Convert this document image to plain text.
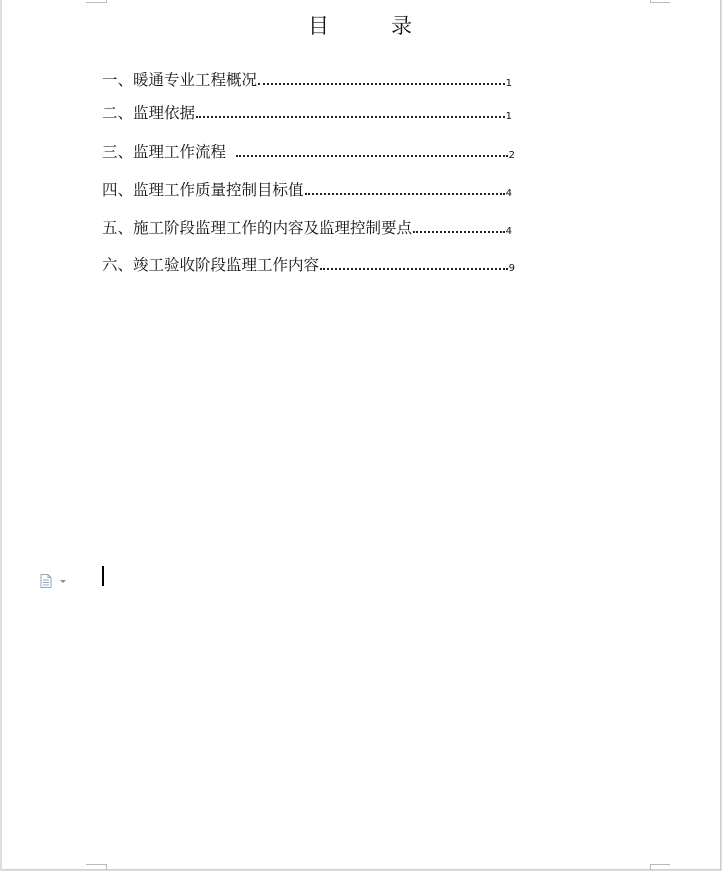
目	录
一、暖通专业工程概况	1
二、监理依据	1
三、监理工作流程	2
四、监理工作质量控制目标值	4
五、施工阶段监理工作的内容及监理控制要点	4
六、竣工验收阶段监理工作内容	9
